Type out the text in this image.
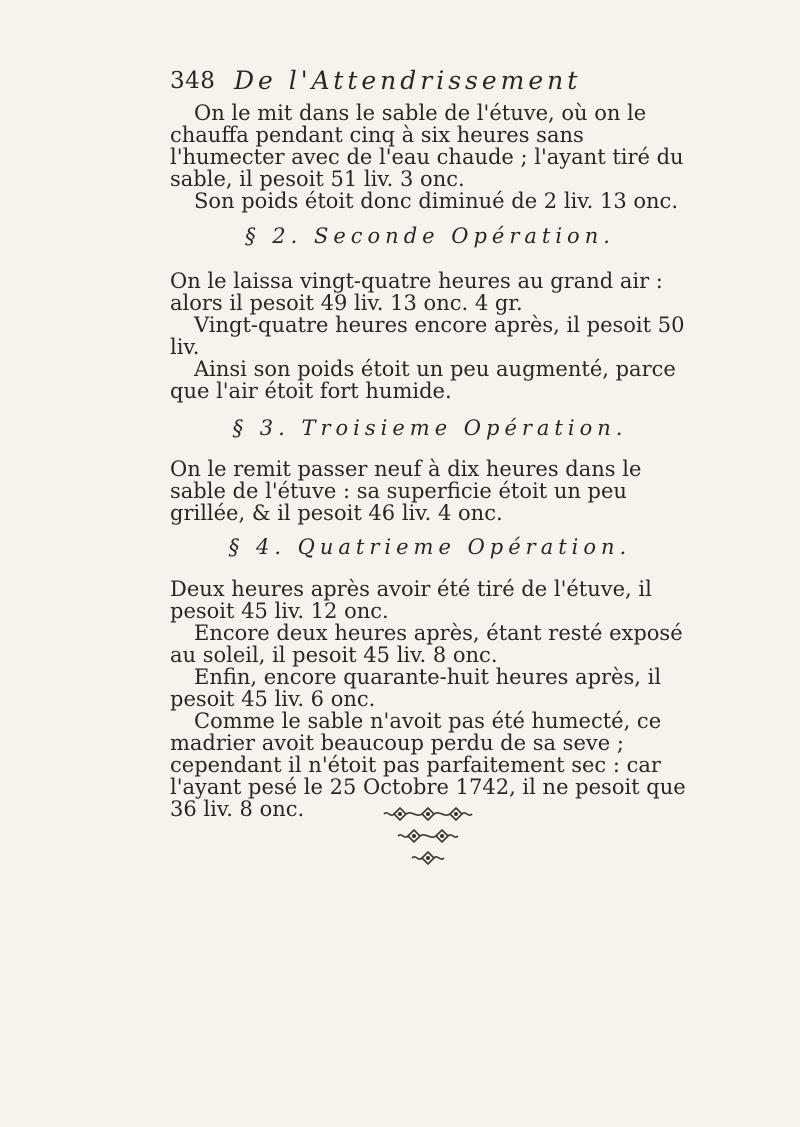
348 De l'Attendrissement

On le mit dans le sable de l'étuve, où on le chauffa pendant cinq à six heures sans l'humecter avec de l'eau chaude ; l'ayant tiré du sable, il pesoit 51 liv. 3 onc.

Son poids étoit donc diminué de 2 liv. 13 onc.

§ 2. Seconde Opération.

On le laissa vingt-quatre heures au grand air : alors il pesoit 49 liv. 13 onc. 4 gr.

Vingt-quatre heures encore après, il pesoit 50 liv.

Ainsi son poids étoit un peu augmenté, parce que l'air étoit fort humide.

§ 3. Troisieme Opération.

On le remit passer neuf à dix heures dans le sable de l'étuve : sa superficie étoit un peu grillée, & il pesoit 46 liv. 4 onc.

§ 4. Quatrieme Opération.

Deux heures après avoir été tiré de l'étuve, il pesoit 45 liv. 12 onc.

Encore deux heures après, étant resté exposé au soleil, il pesoit 45 liv. 8 onc.

Enfin, encore quarante-huit heures après, il pesoit 45 liv. 6 onc.

Comme le sable n'avoit pas été humecté, ce madrier avoit beaucoup perdu de sa seve ; cependant il n'étoit pas parfaitement sec : car l'ayant pesé le 25 Octobre 1742, il ne pesoit que 36 liv. 8 onc.
